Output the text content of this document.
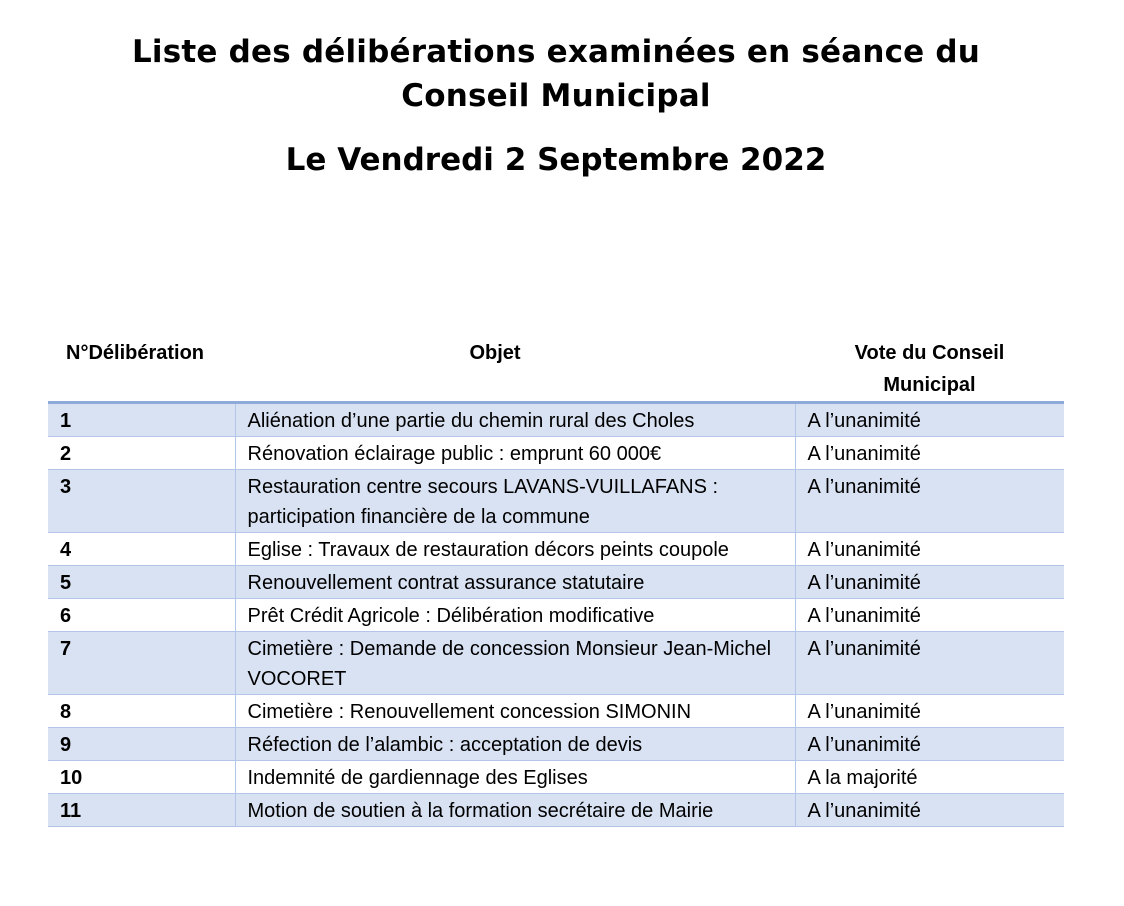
Liste des délibérations examinées en séance du Conseil Municipal
Le Vendredi 2 Septembre 2022
N°Délibération	Objet	Vote du Conseil Municipal
1	Aliénation d’une partie du chemin rural des Choles	A l’unanimité
2	Rénovation éclairage public : emprunt 60 000€	A l’unanimité
3	Restauration centre secours LAVANS-VUILLAFANS : participation financière de la commune	A l’unanimité
4	Eglise : Travaux de restauration décors peints coupole	A l’unanimité
5	Renouvellement contrat assurance statutaire	A l’unanimité
6	Prêt Crédit Agricole : Délibération modificative	A l’unanimité
7	Cimetière : Demande de concession Monsieur Jean-Michel VOCORET	A l’unanimité
8	Cimetière : Renouvellement concession SIMONIN	A l’unanimité
9	Réfection de l’alambic : acceptation de devis	A l’unanimité
10	Indemnité de gardiennage des Eglises	A la majorité
11	Motion de soutien à la formation secrétaire de Mairie	A l’unanimité
